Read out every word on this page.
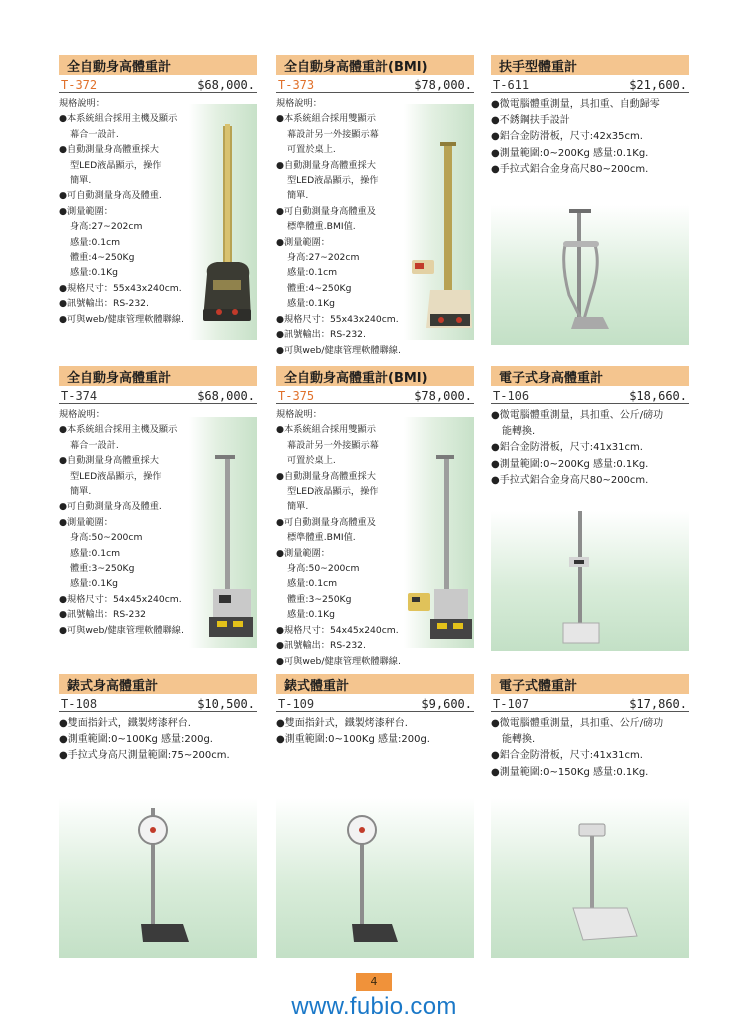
全自動身高體重計
T-372	$68,000.
規格說明：
●本系統組合採用主機及顯示
幕合一設計.
●自動測量身高體重採大
型LED液晶顯示，操作
簡單.
●可自動測量身高及體重.
●測量範圍：
身高:27~202cm
感量:0.1cm
體重:4~250Kg
感量:0.1Kg
●規格尺寸：55x43x240cm.
●訊號輸出：RS-232.
●可與web/健康管理軟體聯線.
全自動身高體重計(BMI)
T-373	$78,000.
規格說明：
●本系統組合採用雙顯示
幕設計另一外接顯示幕
可置於桌上.
●自動測量身高體重採大
型LED液晶顯示，操作
簡單.
●可自動測量身高體重及
標準體重.BMI值.
●測量範圍：
身高:27~202cm
感量:0.1cm
體重:4~250Kg
感量:0.1Kg
●規格尺寸：55x43x240cm.
●訊號輸出：RS-232.
●可與web/健康管理軟體聯線.
扶手型體重計
T-611	$21,600.
●微電腦體重測量，具扣重、自動歸零
●不銹鋼扶手設計
●鋁合金防滑板，尺寸:42x35cm.
●測量範圍:0~200Kg 感量:0.1Kg.
●手拉式鋁合金身高尺80~200cm.
全自動身高體重計
T-374	$68,000.
規格說明：
●本系統組合採用主機及顯示
幕合一設計.
●自動測量身高體重採大
型LED液晶顯示，操作
簡單.
●可自動測量身高及體重.
●測量範圍：
身高:50~200cm
感量:0.1cm
體重:3~250Kg
感量:0.1Kg
●規格尺寸：54x45x240cm.
●訊號輸出：RS-232
●可與web/健康管理軟體聯線.
全自動身高體重計(BMI)
T-375	$78,000.
規格說明：
●本系統組合採用雙顯示
幕設計另一外接顯示幕
可置於桌上.
●自動測量身高體重採大
型LED液晶顯示，操作
簡單.
●可自動測量身高體重及
標準體重.BMI值.
●測量範圍：
身高:50~200cm
感量:0.1cm
體重:3~250Kg
感量:0.1Kg
●規格尺寸：54x45x240cm.
●訊號輸出：RS-232.
●可與web/健康管理軟體聯線.
電子式身高體重計
T-106	$18,660.
●微電腦體重測量，具扣重、公斤/磅功
能轉換.
●鋁合金防滑板，尺寸:41x31cm.
●測量範圍:0~200Kg 感量:0.1Kg.
●手拉式鋁合金身高尺80~200cm.
錶式身高體重計
T-108	$10,500.
●雙面指針式，鐵製烤漆秤台.
●測重範圍:0~100Kg 感量:200g.
●手拉式身高尺測量範圍:75~200cm.
錶式體重計
T-109	$9,600.
●雙面指針式，鐵製烤漆秤台.
●測重範圍:0~100Kg 感量:200g.
電子式體重計
T-107	$17,860.
●微電腦體重測量，具扣重、公斤/磅功
能轉換.
●鋁合金防滑板，尺寸:41x31cm.
●測量範圍:0~150Kg 感量:0.1Kg.
4
www.fubio.com
